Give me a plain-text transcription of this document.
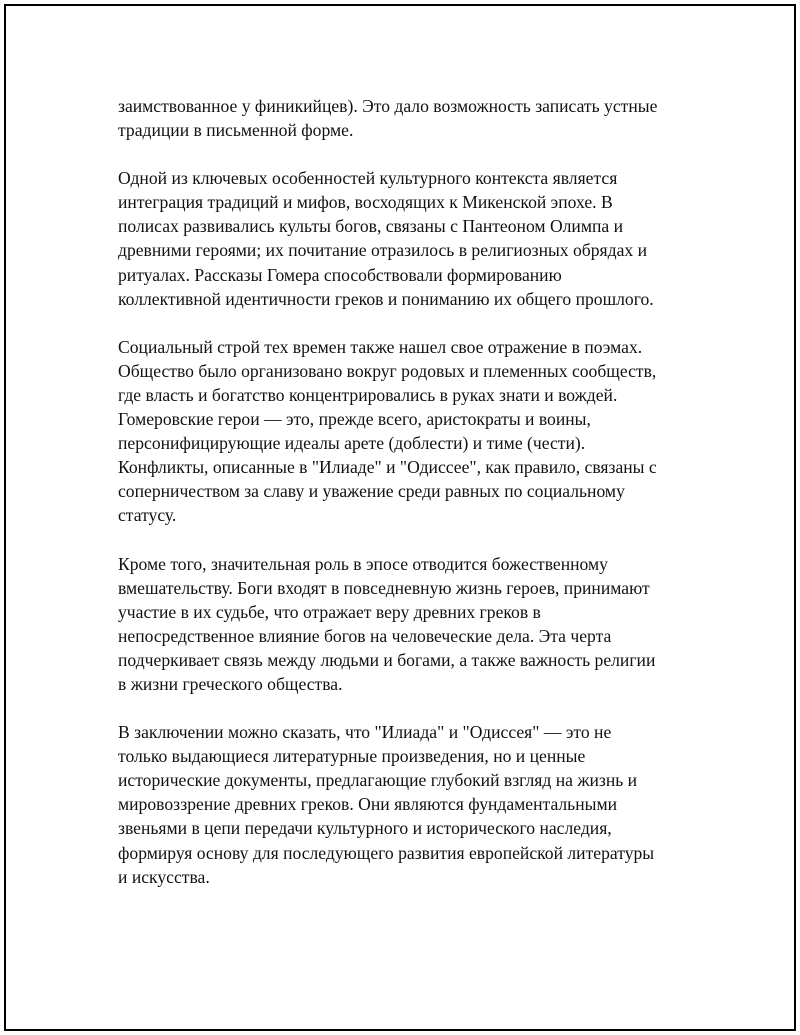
заимствованное у финикийцев). Это дало возможность записать устные
традиции в письменной форме.

Одной из ключевых особенностей культурного контекста является
интеграция традиций и мифов, восходящих к Микенской эпохе. В
полисах развивались культы богов, связаны с Пантеоном Олимпа и
древними героями; их почитание отразилось в религиозных обрядах и
ритуалах. Рассказы Гомера способствовали формированию
коллективной идентичности греков и пониманию их общего прошлого.

Социальный строй тех времен также нашел свое отражение в поэмах.
Общество было организовано вокруг родовых и племенных сообществ,
где власть и богатство концентрировались в руках знати и вождей.
Гомеровские герои — это, прежде всего, аристократы и воины,
персонифицирующие идеалы арете (доблести) и тиме (чести).
Конфликты, описанные в "Илиаде" и "Одиссее", как правило, связаны с
соперничеством за славу и уважение среди равных по социальному
статусу.

Кроме того, значительная роль в эпосе отводится божественному
вмешательству. Боги входят в повседневную жизнь героев, принимают
участие в их судьбе, что отражает веру древних греков в
непосредственное влияние богов на человеческие дела. Эта черта
подчеркивает связь между людьми и богами, а также важность религии
в жизни греческого общества.

В заключении можно сказать, что "Илиада" и "Одиссея" — это не
только выдающиеся литературные произведения, но и ценные
исторические документы, предлагающие глубокий взгляд на жизнь и
мировоззрение древних греков. Они являются фундаментальными
звеньями в цепи передачи культурного и исторического наследия,
формируя основу для последующего развития европейской литературы
и искусства.
